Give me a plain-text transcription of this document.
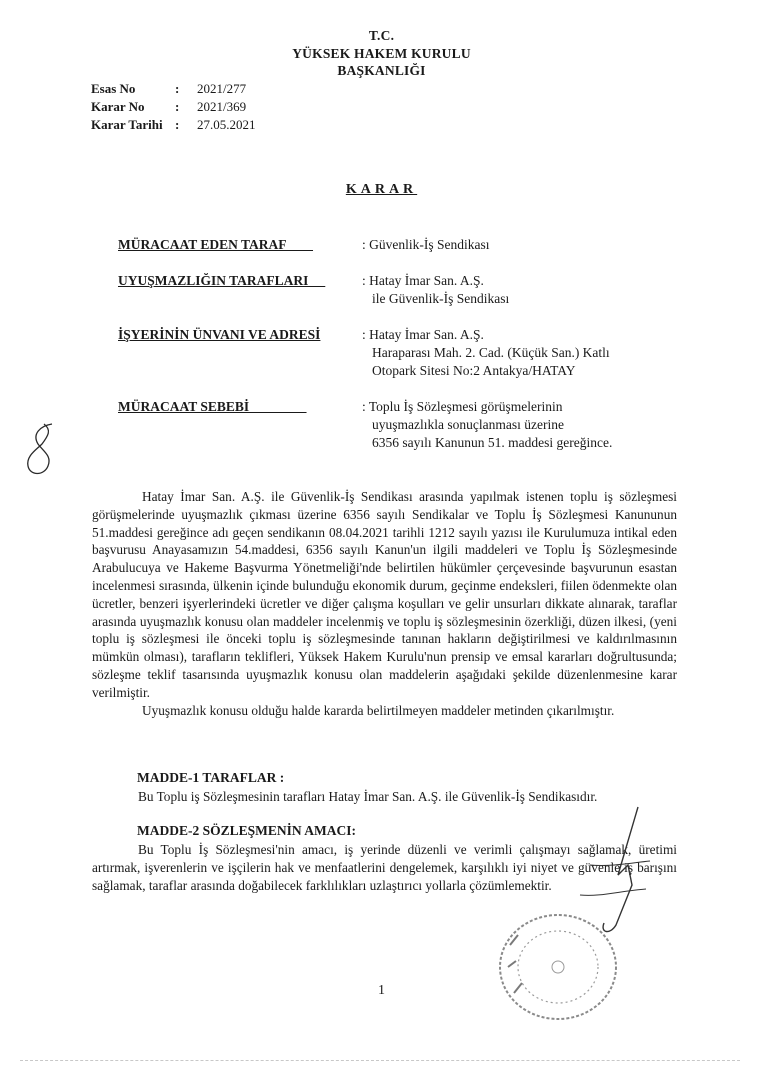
T.C.
YÜKSEK HAKEM KURULU
BAŞKANLIĞI
Esas No	:	2021/277
Karar No	:	2021/369
Karar Tarihi :	27.05.2021
KARAR
MÜRACAAT EDEN TARAF	: Güvenlik-İş Sendikası
UYUŞMAZLIĞIN TARAFLARI	: Hatay İmar San. A.Ş.
ile Güvenlik-İş Sendikası
İŞYERİNİN ÜNVANI VE ADRESİ	: Hatay İmar San. A.Ş.
Haraparası Mah. 2. Cad. (Küçük San.) Katlı
Otopark Sitesi No:2 Antakya/HATAY
MÜRACAAT SEBEBİ	: Toplu İş Sözleşmesi görüşmelerinin
uyuşmazlıkla sonuçlanması üzerine
6356 sayılı Kanunun 51. maddesi gereğince.

Hatay İmar San. A.Ş. ile Güvenlik-İş Sendikası arasında yapılmak istenen toplu iş sözleşmesi görüşmelerinde uyuşmazlık çıkması üzerine 6356 sayılı Sendikalar ve Toplu İş Sözleşmesi Kanununun 51.maddesi gereğince adı geçen sendikanın 08.04.2021 tarihli 1212 sayılı yazısı ile Kurulumuza intikal eden başvurusu Anayasamızın 54.maddesi, 6356 sayılı Kanun'un ilgili maddeleri ve Toplu İş Sözleşmesinde Arabulucuya ve Hakeme Başvurma Yönetmeliği'nde belirtilen hükümler çerçevesinde başvurunun esastan incelenmesi sırasında, ülkenin içinde bulunduğu ekonomik durum, geçinme endeksleri, fiilen ödenmekte olan ücretler, benzeri işyerlerindeki ücretler ve diğer çalışma koşulları ve gelir unsurları dikkate alınarak, taraflar arasında uyuşmazlık konusu olan maddeler incelenmiş ve toplu iş sözleşmesinin özerkliği, düzen ilkesi, (yeni toplu iş sözleşmesi ile önceki toplu iş sözleşmesinde tanınan hakların değiştirilmesi ve kaldırılmasının mümkün olması), tarafların teklifleri, Yüksek Hakem Kurulu'nun prensip ve emsal kararları doğrultusunda; sözleşme teklif tasarısında uyuşmazlık konusu olan maddelerin aşağıdaki şekilde düzenlenmesine karar verilmiştir.

Uyuşmazlık konusu olduğu halde kararda belirtilmeyen maddeler metinden çıkarılmıştır.

MADDE-1 TARAFLAR :

Bu Toplu iş Sözleşmesinin tarafları Hatay İmar San. A.Ş. ile Güvenlik-İş Sendikasıdır.

MADDE-2 SÖZLEŞMENİN AMACI:

Bu Toplu İş Sözleşmesi'nin amacı, iş yerinde düzenli ve verimli çalışmayı sağlamak, üretimi artırmak, işverenlerin ve işçilerin hak ve menfaatlerini dengelemek, karşılıklı iyi niyet ve güvenle iş barışını sağlamak, taraflar arasında doğabilecek farklılıkları uzlaştırıcı yollarla çözümlemektir.

1
